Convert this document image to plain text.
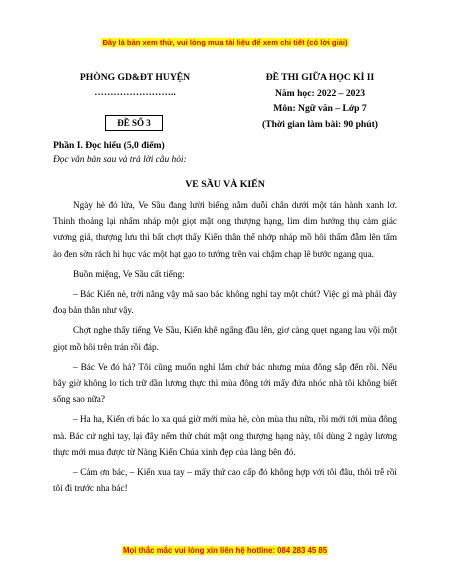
Đây là bản xem thử, vui lòng mua tài liệu để xem chi tiết (có lời giải)
PHÒNG GD&ĐT HUYỆN
……………………..
ĐỀ SỐ 3
ĐỀ THI GIỮA HỌC KÌ II
Năm học: 2022 – 2023
Môn: Ngữ văn – Lớp 7
(Thời gian làm bài: 90 phút)
Phần I. Đọc hiểu (5,0 điểm)
Đọc văn bản sau và trả lời câu hỏi:
VE SẦU VÀ KIẾN

Ngày hè đỏ lửa, Ve Sầu đang lười biếng nằm duỗi chân dưới một tán hành xanh lơ. Thỉnh thoảng lại nhấm nháp một giọt mật ong thượng hạng, lim dim hưởng thụ cảm giác vương giả, thượng lưu thì bất chợt thấy Kiến thân thể nhớp nháp mồ hôi thấm đẫm lên tấm áo đen sờn rách hì hục vác một hạt gạo to tướng trên vai chậm chạp lê bước ngang qua.

Buồn miệng, Ve Sầu cất tiếng:

– Bác Kiến nè, trời nắng vậy mà sao bác không nghỉ tay một chút? Việc gì mà phải đày đoạ bản thân như vậy.

Chợt nghe thấy tiếng Ve Sầu, Kiến khẽ ngẩng đầu lên, giơ càng quẹt ngang lau vội một giọt mồ hôi trên trán rồi đáp.

– Bác Ve đó hả? Tôi cũng muốn nghỉ lắm chứ bác nhưng mùa đông sắp đến rồi. Nếu bây giờ không lo tích trữ dần lương thực thì mùa đông tới mấy đứa nhóc nhà tôi không biết sống sao nữa?

– Ha ha, Kiến ơi bác lo xa quá giờ mới mùa hè, còn mùa thu nữa, rồi mới tới mùa đông mà. Bác cứ nghỉ tay, lại đây nếm thử chút mật ong thượng hạng này, tôi dùng 2 ngày lương thực mới mua được từ Nàng Kiến Chúa xinh đẹp của làng bên đó.

– Cảm ơn bác, – Kiến xua tay – mấy thứ cao cấp đó không hợp với tôi đâu, thôi trễ rồi tôi đi trước nha bác!

Mọi thắc mắc vui lòng xin liên hệ hotline: 084 283 45 85
